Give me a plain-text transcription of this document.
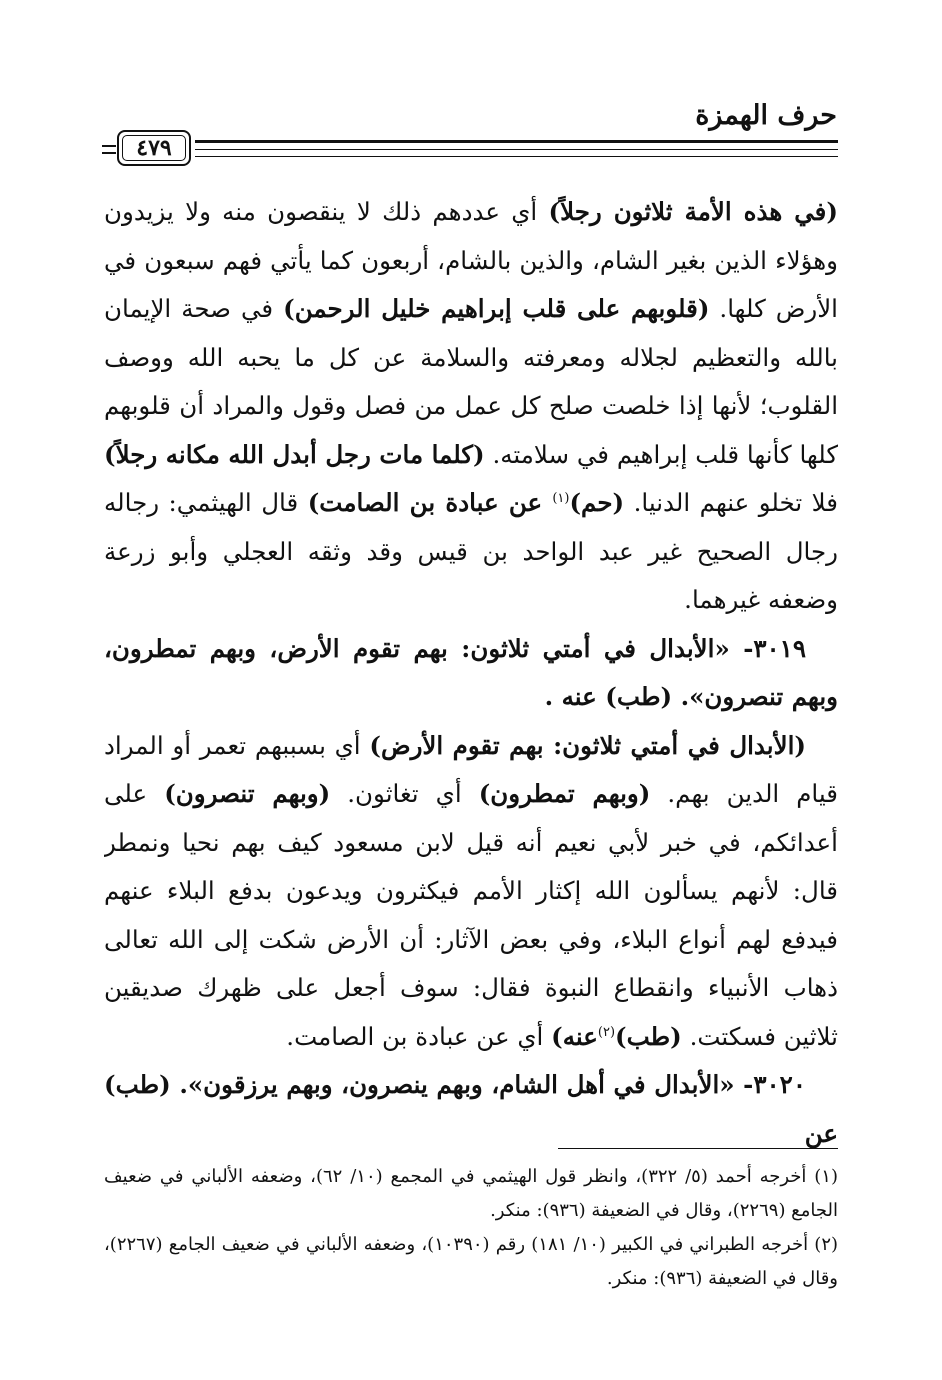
حرف الهمزة
٤٧٩

(في هذه الأمة ثلاثون رجلاً) أي عددهم ذلك لا ينقصون منه ولا يزيدون وهؤلاء الذين بغير الشام، والذين بالشام، أربعون كما يأتي فهم سبعون في الأرض كلها. (قلوبهم على قلب إبراهيم خليل الرحمن) في صحة الإيمان بالله والتعظيم لجلاله ومعرفته والسلامة عن كل ما يحبه الله ووصف القلوب؛ لأنها إذا خلصت صلح كل عمل من فصل وقول والمراد أن قلوبهم كلها كأنها قلب إبراهيم في سلامته. (كلما مات رجل أبدل الله مكانه رجلاً) فلا تخلو عنهم الدنيا. (حم)$^{(١)}$ عن عبادة بن الصامت) قال الهيثمي: رجاله رجال الصحيح غير عبد الواحد بن قيس وقد وثقه العجلي وأبو زرعة وضعفه غيرهما.

٣٠١٩- «الأبدال في أمتي ثلاثون: بهم تقوم الأرض، وبهم تمطرون، وبهم تنصرون». (طب) عنه .

(الأبدال في أمتي ثلاثون: بهم تقوم الأرض) أي بسببهم تعمر أو المراد قيام الدين بهم. (وبهم تمطرون) أي تغاثون. (وبهم تنصرون) على أعدائكم، في خبر لأبي نعيم أنه قيل لابن مسعود كيف بهم نحيا ونمطر قال: لأنهم يسألون الله إكثار الأمم فيكثرون ويدعون بدفع البلاء عنهم فيدفع لهم أنواع البلاء، وفي بعض الآثار: أن الأرض شكت إلى الله تعالى ذهاب الأنبياء وانقطاع النبوة فقال: سوف أجعل على ظهرك صديقين ثلاثين فسكتت. (طب)$^{(٢)}$عنه) أي عن عبادة بن الصامت.

٣٠٢٠- «الأبدال في أهل الشام، وبهم ينصرون، وبهم يرزقون». (طب) عن

(١) أخرجه أحمد (٥/ ٣٢٢)، وانظر قول الهيثمي في المجمع (١٠/ ٦٢)، وضعفه الألباني في ضعيف الجامع (٢٢٦٩)، وقال في الضعيفة (٩٣٦): منكر.

(٢) أخرجه الطبراني في الكبير (١٠/ ١٨١) رقم (١٠٣٩٠)، وضعفه الألباني في ضعيف الجامع (٢٢٦٧)، وقال في الضعيفة (٩٣٦): منكر.
